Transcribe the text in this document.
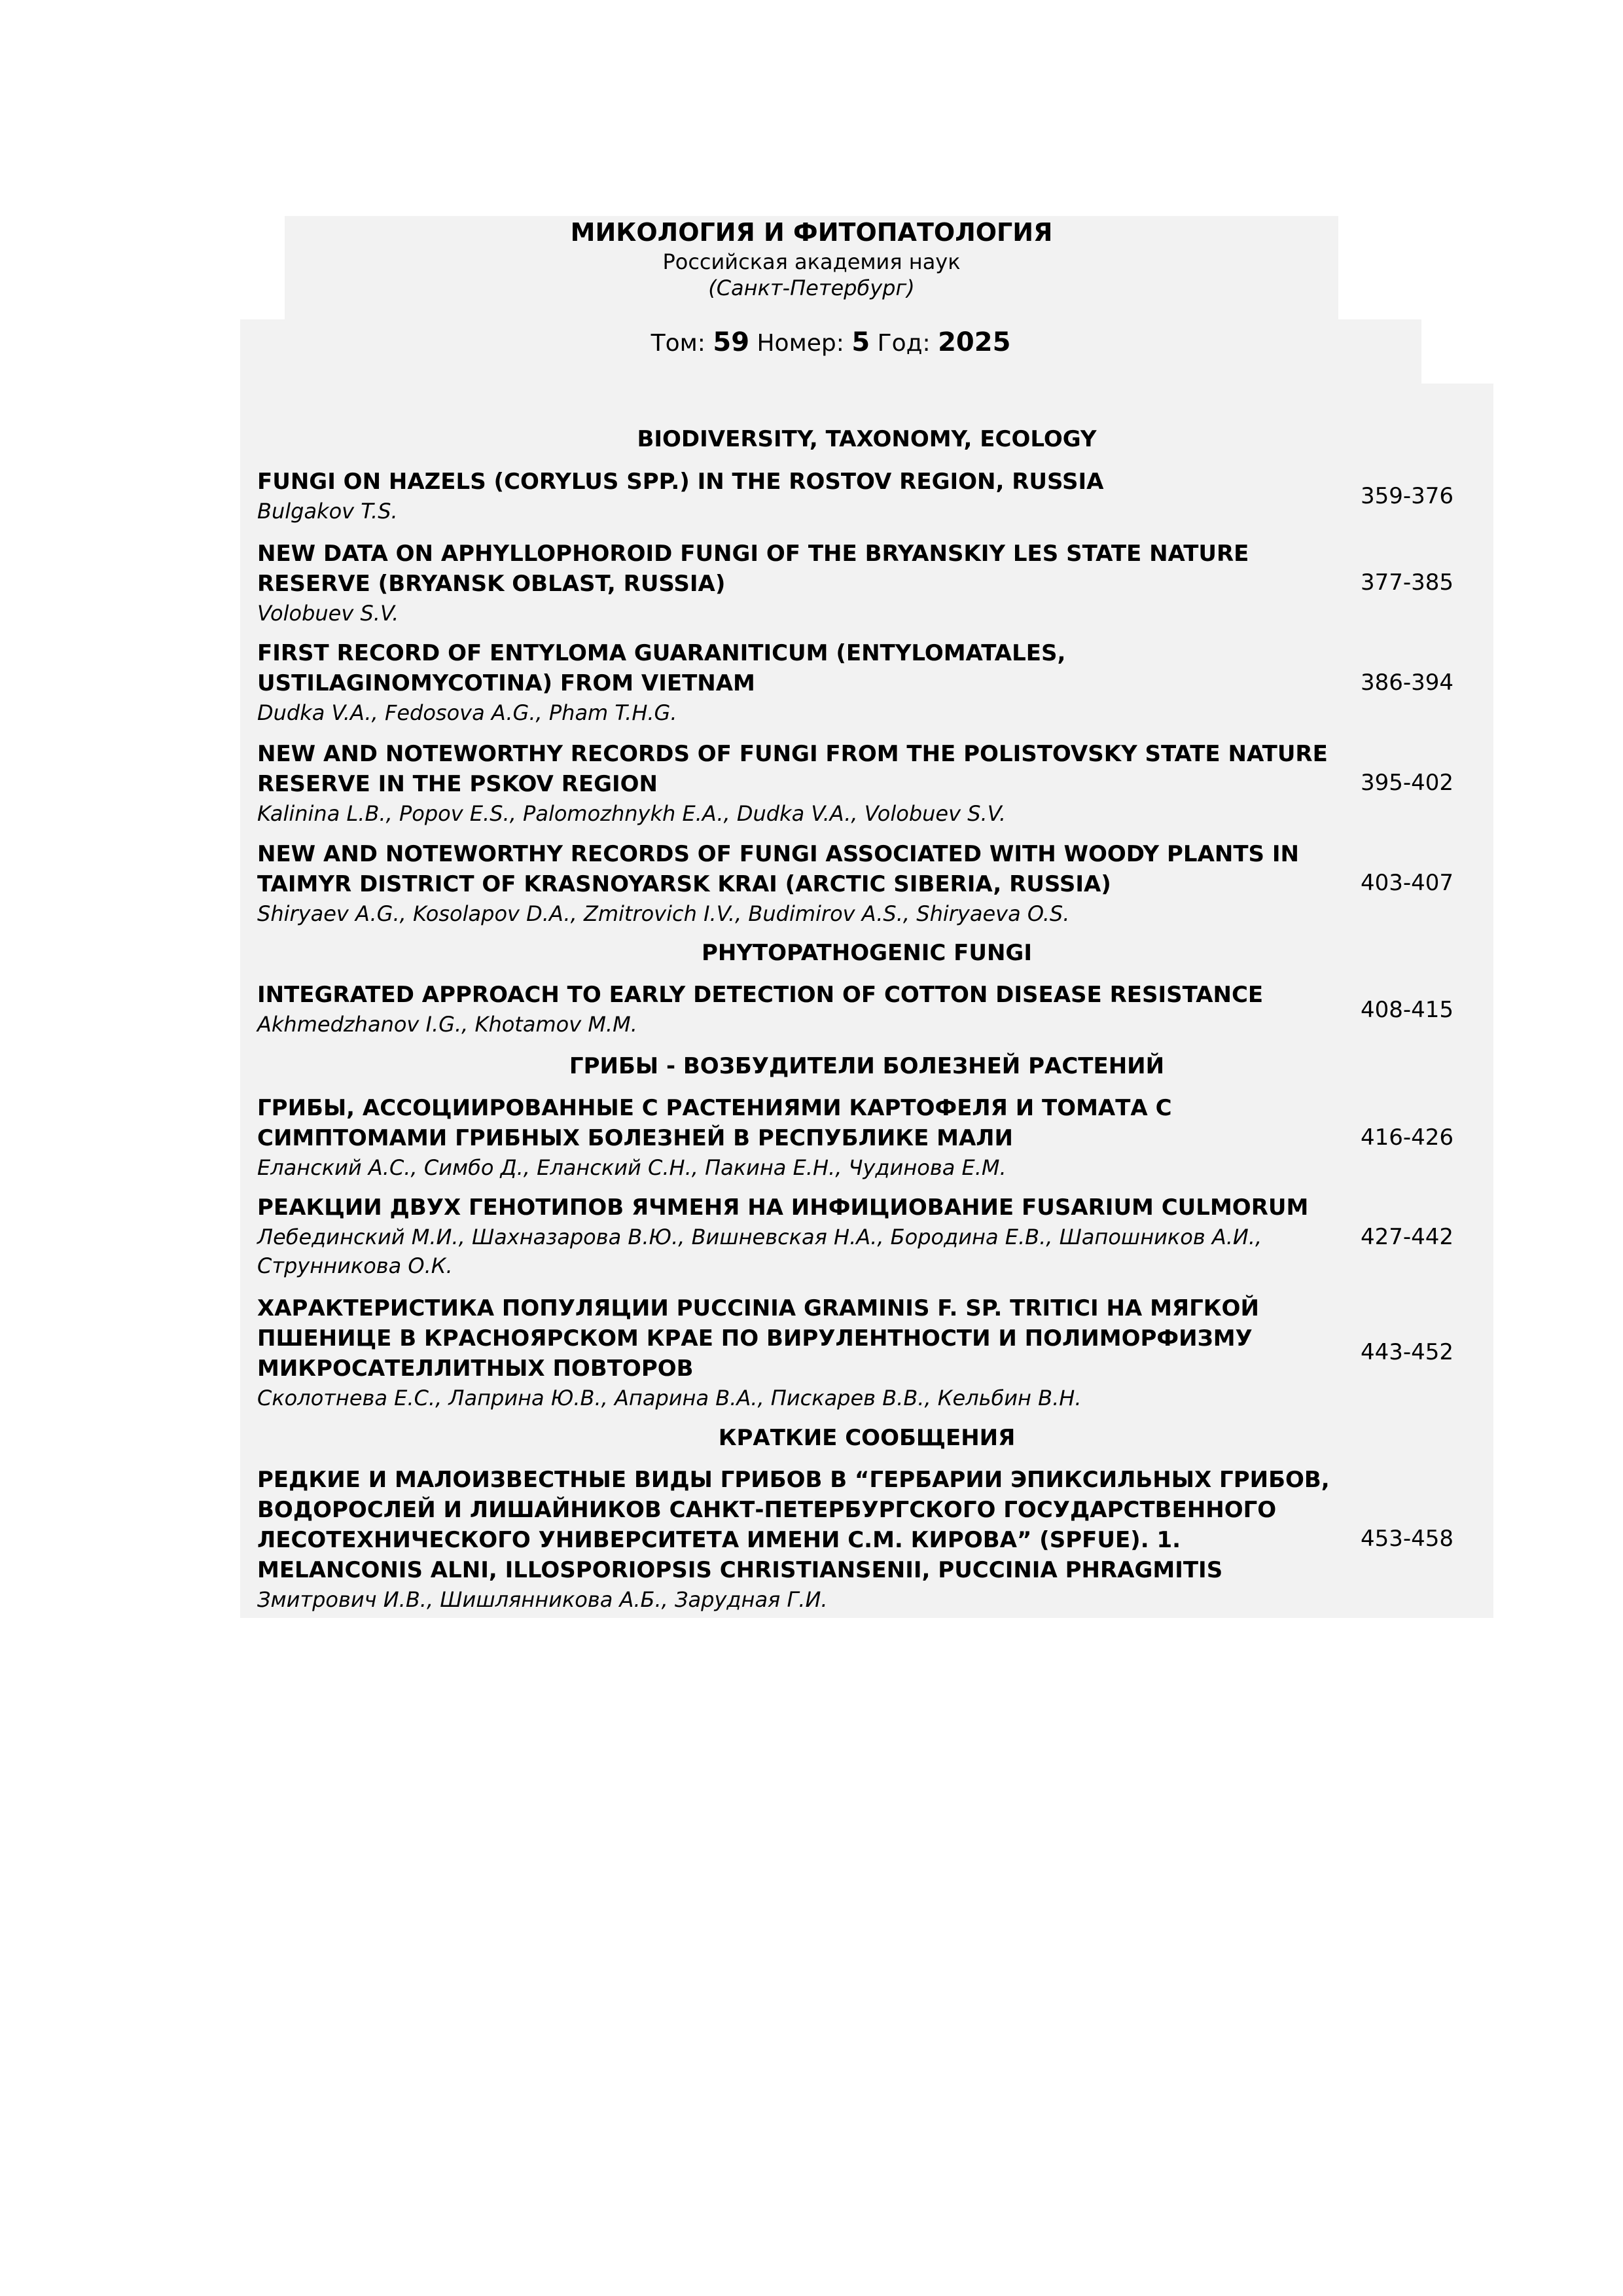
МИКОЛОГИЯ И ФИТОПАТОЛОГИЯ
Российская академия наук
(Санкт-Петербург)
Том: 59 Номер: 5 Год: 2025
BIODIVERSITY, TAXONOMY, ECOLOGY

FUNGI ON HAZELS (CORYLUS SPP.) IN THE ROSTOV REGION, RUSSIA

Bulgakov T.S.

359-376

NEW DATA ON APHYLLOPHOROID FUNGI OF THE BRYANSKIY LES STATE NATURE RESERVE (BRYANSK OBLAST, RUSSIA)

Volobuev S.V.

377-385

FIRST RECORD OF ENTYLOMA GUARANITICUM (ENTYLOMATALES, USTILAGINOMYCOTINA) FROM VIETNAM

Dudka V.A., Fedosova A.G., Pham T.H.G.

386-394

NEW AND NOTEWORTHY RECORDS OF FUNGI FROM THE POLISTOVSKY STATE NATURE RESERVE IN THE PSKOV REGION

Kalinina L.B., Popov E.S., Palomozhnykh E.A., Dudka V.A., Volobuev S.V.

395-402

NEW AND NOTEWORTHY RECORDS OF FUNGI ASSOCIATED WITH WOODY PLANTS IN TAIMYR DISTRICT OF KRASNOYARSK KRAI (ARCTIC SIBERIA, RUSSIA)

Shiryaev A.G., Kosolapov D.A., Zmitrovich I.V., Budimirov A.S., Shiryaeva O.S.

403-407
PHYTOPATHOGENIC FUNGI

INTEGRATED APPROACH TO EARLY DETECTION OF COTTON DISEASE RESISTANCE

Akhmedzhanov I.G., Khotamov M.M.

408-415
ГРИБЫ - ВОЗБУДИТЕЛИ БОЛЕЗНЕЙ РАСТЕНИЙ

ГРИБЫ, АССОЦИИРОВАННЫЕ С РАСТЕНИЯМИ КАРТОФЕЛЯ И ТОМАТА С СИМПТОМАМИ ГРИБНЫХ БОЛЕЗНЕЙ В РЕСПУБЛИКЕ МАЛИ

Еланский А.С., Симбо Д., Еланский С.Н., Пакина Е.Н., Чудинова Е.М.

416-426

РЕАКЦИИ ДВУХ ГЕНОТИПОВ ЯЧМЕНЯ НА ИНФИЦИОВАНИЕ FUSARIUM CULMORUM

Лебединский М.И., Шахназарова В.Ю., Вишневская Н.А., Бородина Е.В., Шапошников А.И., Струнникова О.К.

427-442

ХАРАКТЕРИСТИКА ПОПУЛЯЦИИ PUCCINIA GRAMINIS F. SP. TRITICI НА МЯГКОЙ ПШЕНИЦЕ В КРАСНОЯРСКОМ КРАЕ ПО ВИРУЛЕНТНОСТИ И ПОЛИМОРФИЗМУ МИКРОСАТЕЛЛИТНЫХ ПОВТОРОВ

Сколотнева Е.С., Лаприна Ю.В., Апарина В.А., Пискарев В.В., Кельбин В.Н.

443-452
КРАТКИЕ СООБЩЕНИЯ

РЕДКИЕ И МАЛОИЗВЕСТНЫЕ ВИДЫ ГРИБОВ В “ГЕРБАРИИ ЭПИКСИЛЬНЫХ ГРИБОВ, ВОДОРОСЛЕЙ И ЛИШАЙНИКОВ САНКТ-ПЕТЕРБУРГСКОГО ГОСУДАРСТВЕННОГО ЛЕСОТЕХНИЧЕСКОГО УНИВЕРСИТЕТА ИМЕНИ С.М. КИРОВА” (SPFUE). 1. MELANCONIS ALNI, ILLOSPORIOPSIS CHRISTIANSENII, PUCCINIA PHRAGMITIS

Змитрович И.В., Шишлянникова А.Б., Зарудная Г.И.

453-458
